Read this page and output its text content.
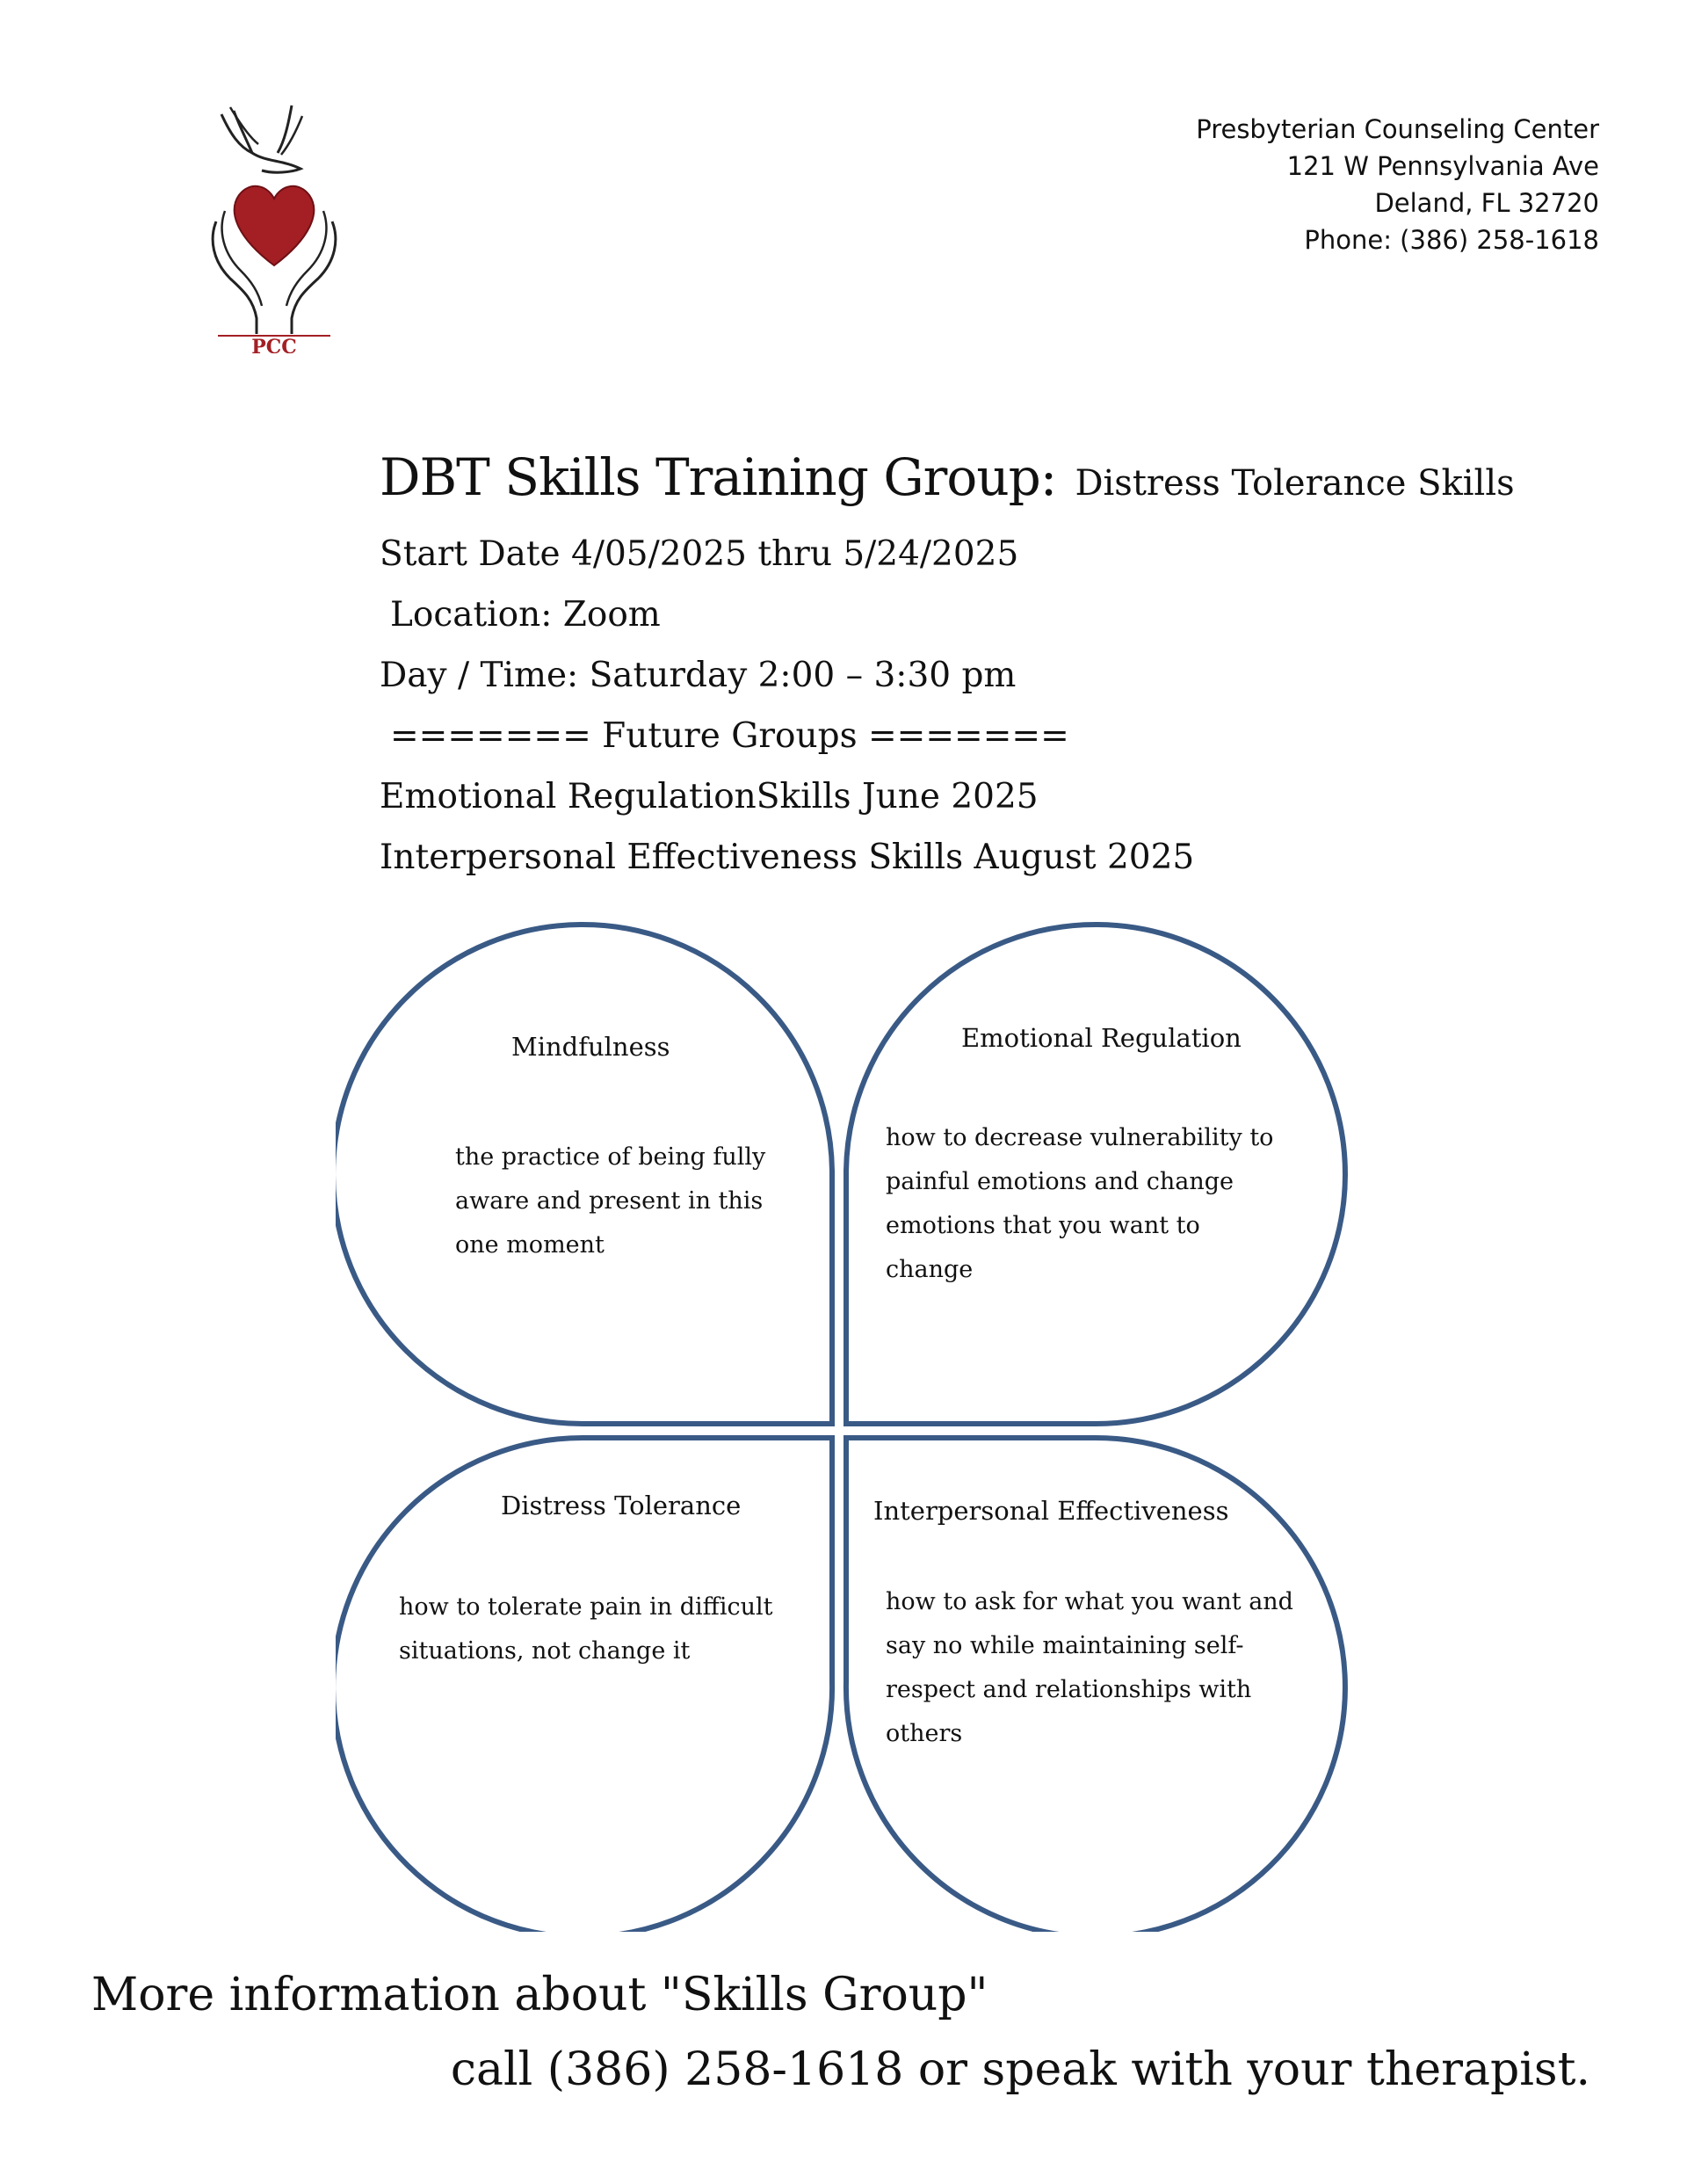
PCC
Presbyterian Counseling Center
121 W Pennsylvania Ave
Deland, FL 32720
Phone: (386) 258-1618
DBT Skills Training Group: Distress Tolerance Skills
Start Date 4/05/2025 thru 5/24/2025
Location: Zoom
Day / Time: Saturday 2:00 – 3:30 pm
======= Future Groups =======
Emotional RegulationSkills June 2025
Interpersonal Effectiveness Skills August 2025
Mindfulness
the practice of being fully
aware and present in this
one moment
Emotional Regulation
how to decrease vulnerability to
painful emotions and change
emotions that you want to
change
Distress Tolerance
how to tolerate pain in difficult
situations, not change it
Interpersonal Effectiveness
how to ask for what you want and
say no while maintaining self-
respect and relationships with
others
More information about "Skills Group"
call (386) 258-1618 or speak with your therapist.
